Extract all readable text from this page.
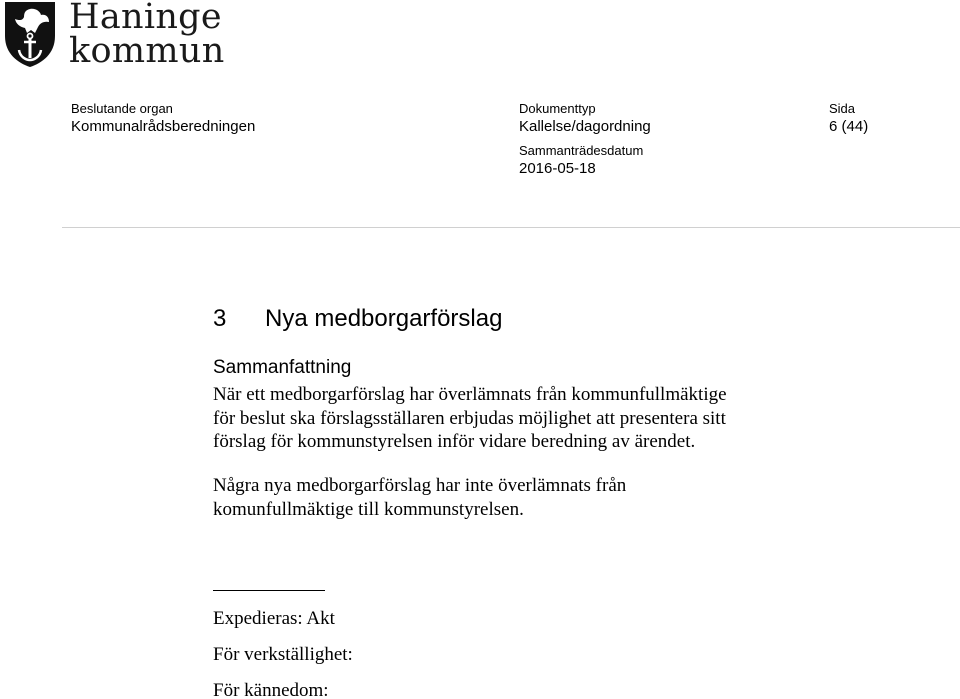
Haninge
kommun
Beslutande organ
Kommunalrådsberedningen
Dokumenttyp
Kallelse/dagordning
Sida
6 (44)
Sammanträdesdatum
2016-05-18
3 Nya medborgarförslag
Sammanfattning
När ett medborgarförslag har överlämnats från kommunfullmäktige
för beslut ska förslagsställaren erbjudas möjlighet att presentera sitt
förslag för kommunstyrelsen inför vidare beredning av ärendet.
Några nya medborgarförslag har inte överlämnats från
komunfullmäktige till kommunstyrelsen.
Expedieras: Akt
För verkställighet:
För kännedom:
